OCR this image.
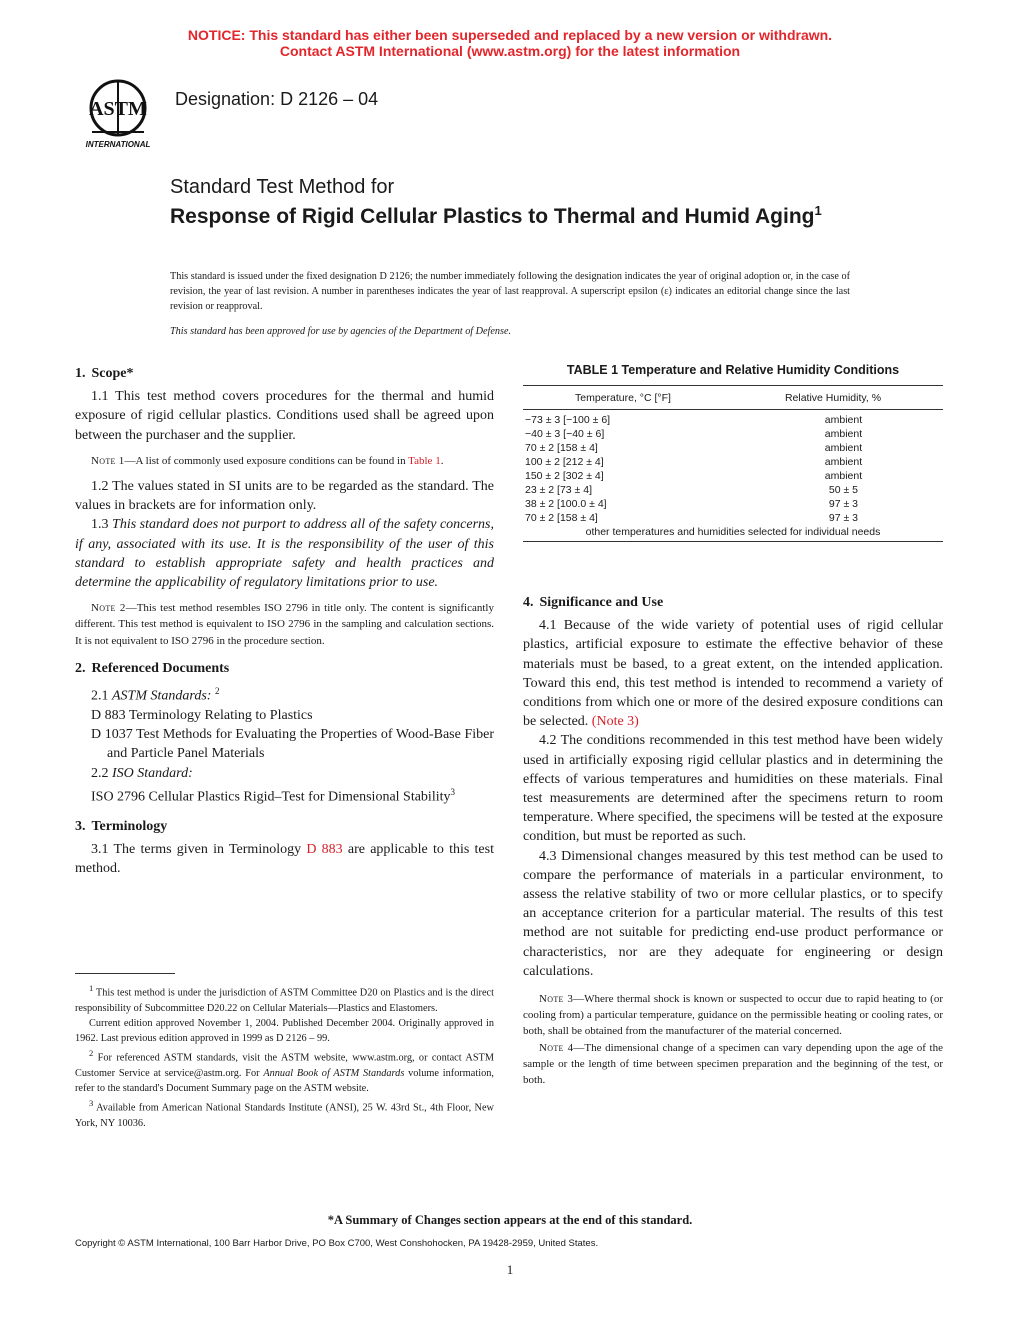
NOTICE: This standard has either been superseded and replaced by a new version or withdrawn.
Contact ASTM International (www.astm.org) for the latest information
ASTM
INTERNATIONAL
Designation: D 2126 – 04
Standard Test Method for
Response of Rigid Cellular Plastics to Thermal and Humid Aging$^1$
This standard is issued under the fixed designation D 2126; the number immediately following the designation indicates the year of original adoption or, in the case of revision, the year of last revision. A number in parentheses indicates the year of last reapproval. A superscript epsilon (ε) indicates an editorial change since the last revision or reapproval.
This standard has been approved for use by agencies of the Department of Defense.
1. Scope*

1.1 This test method covers procedures for the thermal and humid exposure of rigid cellular plastics. Conditions used shall be agreed upon between the purchaser and the supplier.

Note 1—A list of commonly used exposure conditions can be found in Table 1.

1.2 The values stated in SI units are to be regarded as the standard. The values in brackets are for information only.

1.3 This standard does not purport to address all of the safety concerns, if any, associated with its use. It is the responsibility of the user of this standard to establish appropriate safety and health practices and determine the applicability of regulatory limitations prior to use.

Note 2—This test method resembles ISO 2796 in title only. The content is significantly different. This test method is equivalent to ISO 2796 in the sampling and calculation sections. It is not equivalent to ISO 2796 in the procedure section.

2. Referenced Documents

2.1 ASTM Standards: $^2$

D 883 Terminology Relating to Plastics

D 1037 Test Methods for Evaluating the Properties of Wood-Base Fiber and Particle Panel Materials

2.2 ISO Standard:

ISO 2796 Cellular Plastics Rigid–Test for Dimensional Stability$^3$

3. Terminology

3.1 The terms given in Terminology D 883 are applicable to this test method.

$^1$ This test method is under the jurisdiction of ASTM Committee D20 on Plastics and is the direct responsibility of Subcommittee D20.22 on Cellular Materials—Plastics and Elastomers.

Current edition approved November 1, 2004. Published December 2004. Originally approved in 1962. Last previous edition approved in 1999 as D 2126 – 99.

$^2$ For referenced ASTM standards, visit the ASTM website, www.astm.org, or contact ASTM Customer Service at service@astm.org. For Annual Book of ASTM Standards volume information, refer to the standard's Document Summary page on the ASTM website.

$^3$ Available from American National Standards Institute (ANSI), 25 W. 43rd St., 4th Floor, New York, NY 10036.

TABLE 1 Temperature and Relative Humidity Conditions
Temperature, °C [°F]	Relative Humidity, %
−73 ± 3 [−100 ± 6]	ambient
−40 ± 3 [−40 ± 6]	ambient
70 ± 2 [158 ± 4]	ambient
100 ± 2 [212 ± 4]	ambient
150 ± 2 [302 ± 4]	ambient
23 ± 2 [73 ± 4]	50 ± 5
38 ± 2 [100.0 ± 4]	97 ± 3
70 ± 2 [158 ± 4]	97 ± 3
other temperatures and humidities selected for individual needs
4. Significance and Use

4.1 Because of the wide variety of potential uses of rigid cellular plastics, artificial exposure to estimate the effective behavior of these materials must be based, to a great extent, on the intended application. Toward this end, this test method is intended to recommend a variety of conditions from which one or more of the desired exposure conditions can be selected. (Note 3)

4.2 The conditions recommended in this test method have been widely used in artificially exposing rigid cellular plastics and in determining the effects of various temperatures and humidities on these materials. Final test measurements are determined after the specimens return to room temperature. Where specified, the specimens will be tested at the exposure condition, but must be reported as such.

4.3 Dimensional changes measured by this test method can be used to compare the performance of materials in a particular environment, to assess the relative stability of two or more cellular plastics, or to specify an acceptance criterion for a particular material. The results of this test method are not suitable for predicting end-use product performance or characteristics, nor are they adequate for engineering or design calculations.

Note 3—Where thermal shock is known or suspected to occur due to rapid heating to (or cooling from) a particular temperature, guidance on the permissible heating or cooling rates, or both, shall be obtained from the manufacturer of the material concerned.

Note 4—The dimensional change of a specimen can vary depending upon the age of the sample or the length of time between specimen preparation and the beginning of the test, or both.

*A Summary of Changes section appears at the end of this standard.
Copyright © ASTM International, 100 Barr Harbor Drive, PO Box C700, West Conshohocken, PA 19428-2959, United States.
1
